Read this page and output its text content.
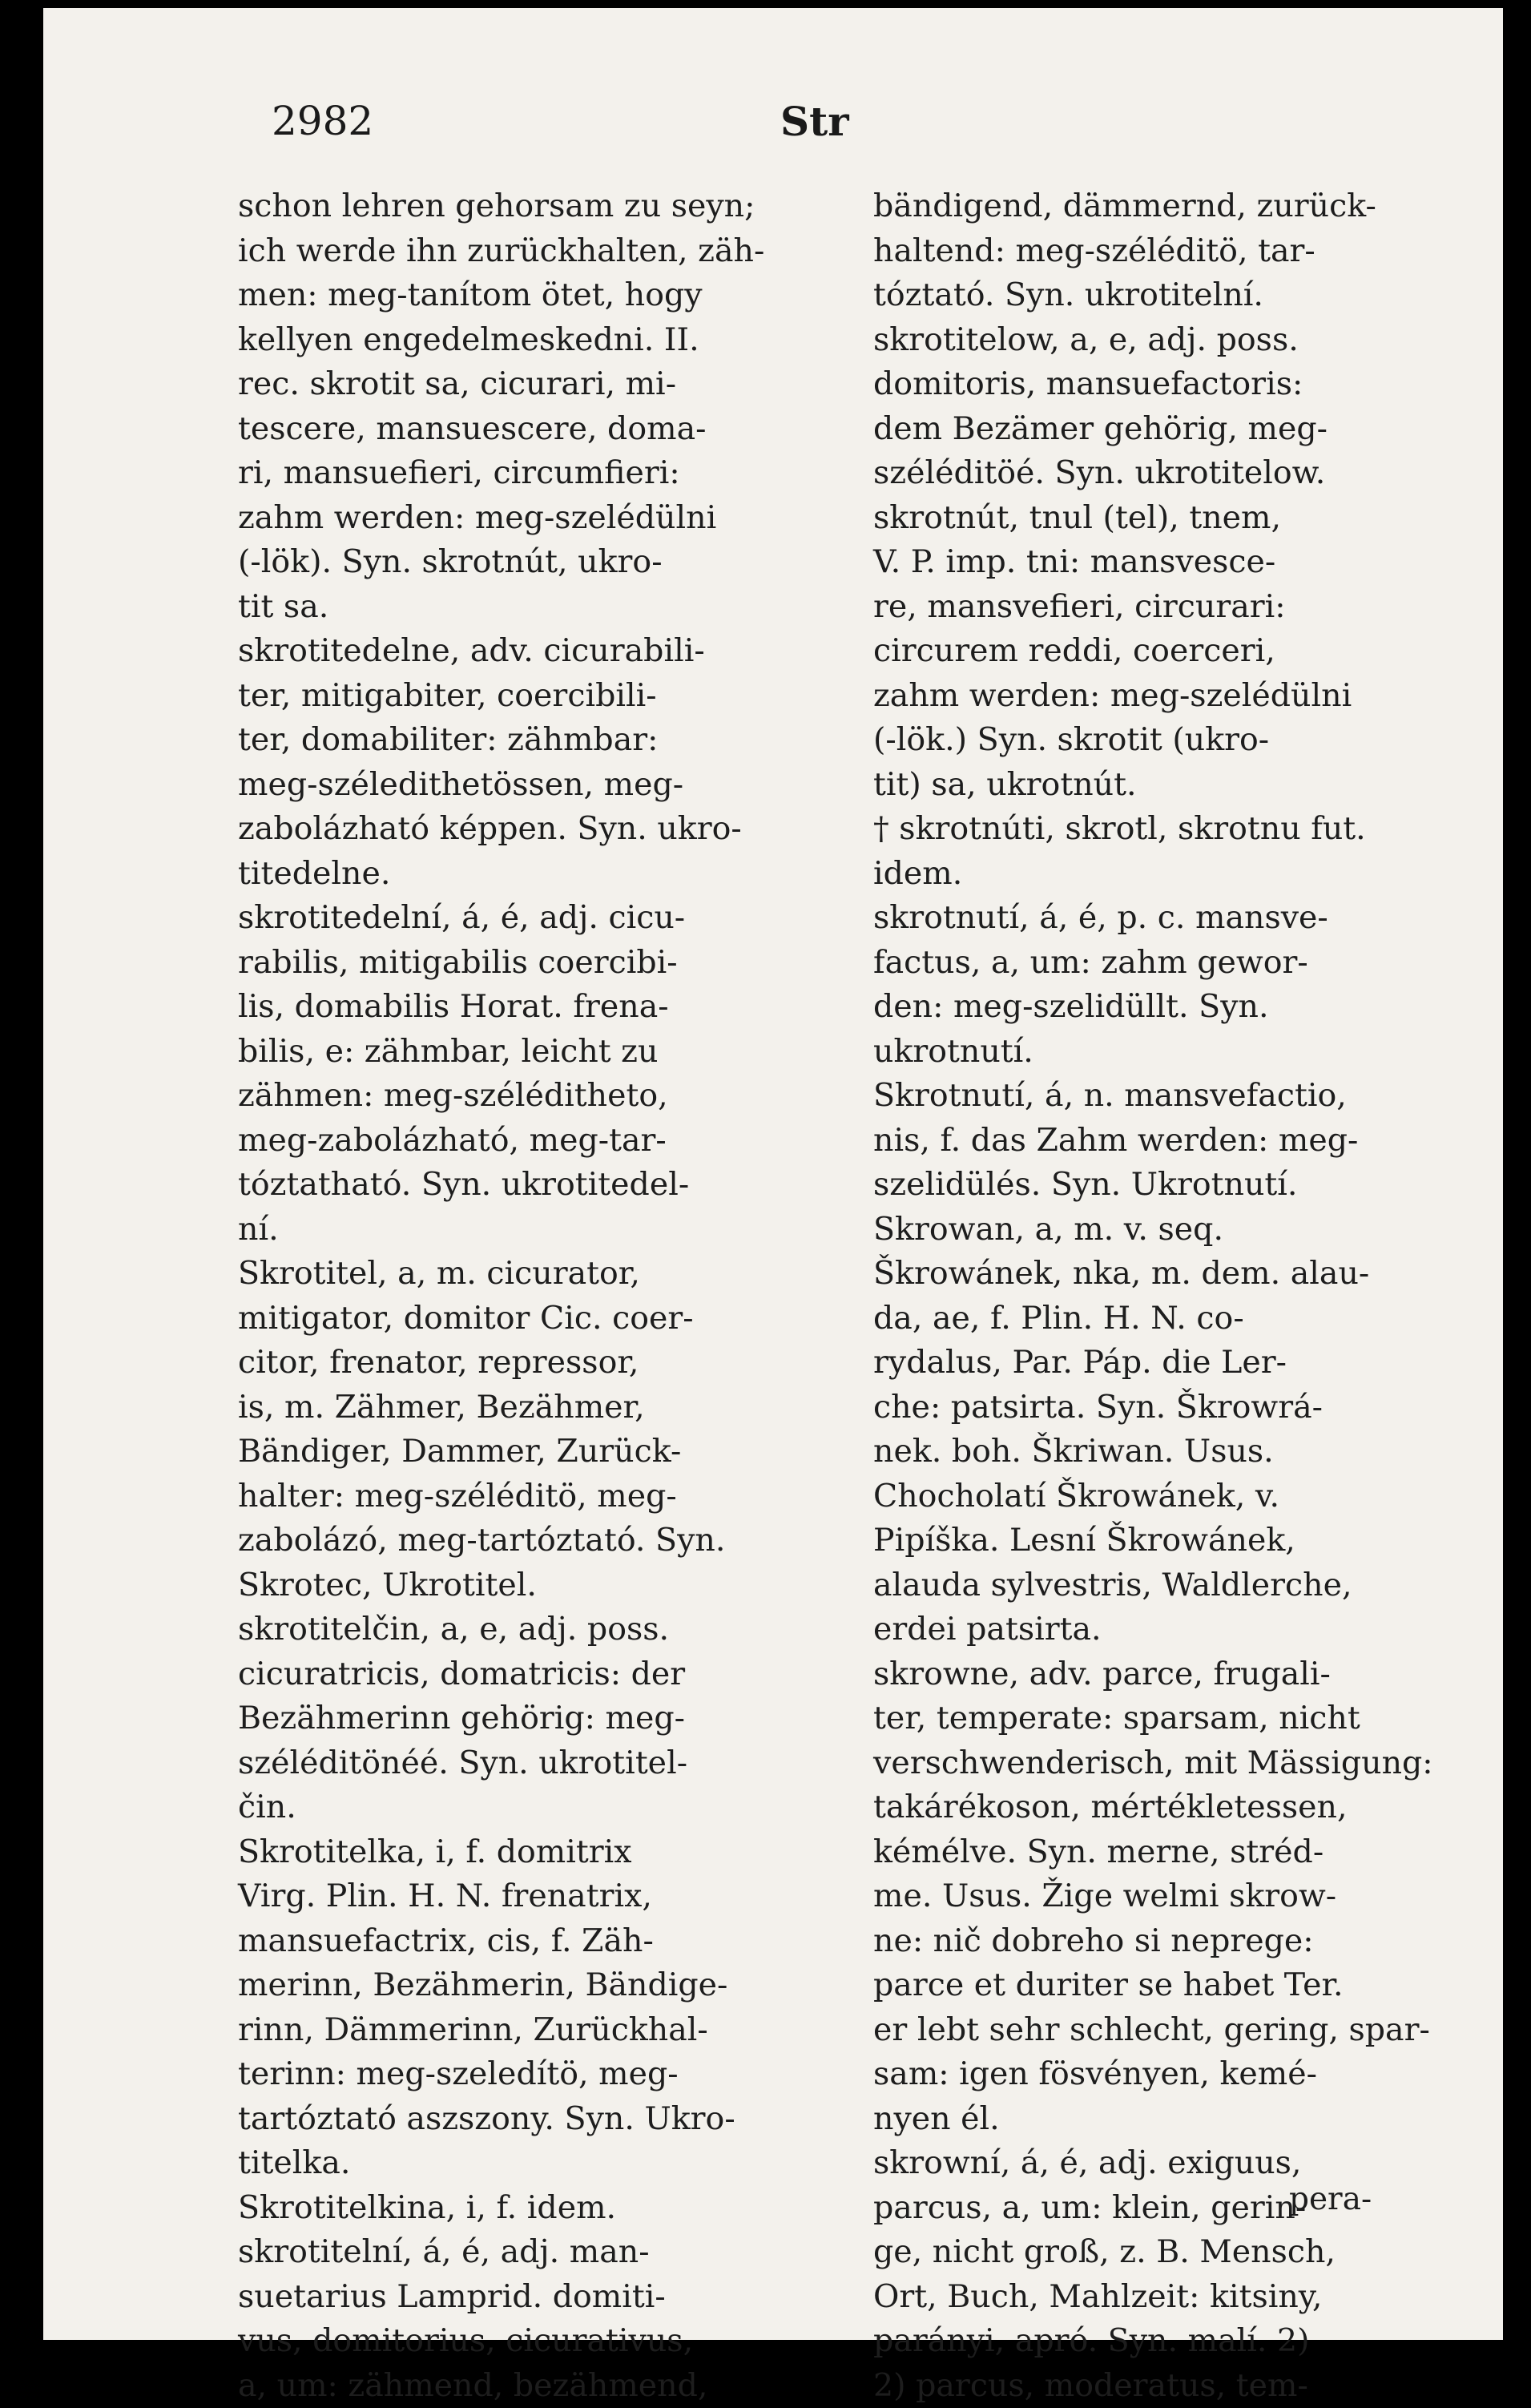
2982	Str
schon lehren gehorsam zu seyn;
ich werde ihn zurückhalten, zäh-
men: meg-tanítom ötet, hogy
kellyen engedelmeskedni. II.
rec. skrotit sa, cicurari, mi-
tescere, mansuescere, doma-
ri, mansuefieri, circumfieri:
zahm werden: meg-szelédülni
(-lök). Syn. skrotnút, ukro-
tit sa.
skrotitedelne, adv. cicurabili-
ter, mitigabiter, coercibili-
ter, domabiliter: zähmbar:
meg-széledithetössen, meg-
zabolázható képpen. Syn. ukro-
titedelne.
skrotitedelní, á, é, adj. cicu-
rabilis, mitigabilis coercibi-
lis, domabilis Horat. frena-
bilis, e: zähmbar, leicht zu
zähmen: meg-széléditheto,
meg-zabolázható, meg-tar-
tóztatható. Syn. ukrotitedel-
ní.
Skrotitel, a, m. cicurator,
mitigator, domitor Cic. coer-
citor, frenator, repressor,
is, m. Zähmer, Bezähmer,
Bändiger, Dammer, Zurück-
halter: meg-széléditö, meg-
zabolázó, meg-tartóztató. Syn.
Skrotec, Ukrotitel.
skrotitelčin, a, e, adj. poss.
cicuratricis, domatricis: der
Bezähmerinn gehörig: meg-
széléditönéé. Syn. ukrotitel-
čin.
Skrotitelka, i, f. domitrix
Virg. Plin. H. N. frenatrix,
mansuefactrix, cis, f. Zäh-
merinn, Bezähmerin, Bändige-
rinn, Dämmerinn, Zurückhal-
terinn: meg-szeledítö, meg-
tartóztató aszszony. Syn. Ukro-
titelka.
Skrotitelkina, i, f. idem.
skrotitelní, á, é, adj. man-
suetarius Lamprid. domiti-
vus, domitorius, cicurativus,
a, um: zähmend, bezähmend,
bändigend, dämmernd, zurück-
haltend: meg-széléditö, tar-
tóztató. Syn. ukrotitelní.
skrotitelow, a, e, adj. poss.
domitoris, mansuefactoris:
dem Bezämer gehörig, meg-
széléditöé. Syn. ukrotitelow.
skrotnút, tnul (tel), tnem,
V. P. imp. tni: mansvesce-
re, mansvefieri, circurari:
circurem reddi, coerceri,
zahm werden: meg-szelédülni
(-lök.) Syn. skrotit (ukro-
tit) sa, ukrotnút.
† skrotnúti, skrotl, skrotnu fut.
idem.
skrotnutí, á, é, p. c. mansve-
factus, a, um: zahm gewor-
den: meg-szelidüllt. Syn.
ukrotnutí.
Skrotnutí, á, n. mansvefactio,
nis, f. das Zahm werden: meg-
szelidülés. Syn. Ukrotnutí.
Skrowan, a, m. v. seq.
Škrowánek, nka, m. dem. alau-
da, ae, f. Plin. H. N. co-
rydalus, Par. Páp. die Ler-
che: patsirta. Syn. Škrowrá-
nek. boh. Škriwan. Usus.
Chocholatí Škrowánek, v.
Pipíška. Lesní Škrowánek,
alauda sylvestris, Waldlerche,
erdei patsirta.
skrowne, adv. parce, frugali-
ter, temperate: sparsam, nicht
verschwenderisch, mit Mässigung:
takárékoson, mértékletessen,
kémélve. Syn. merne, stréd-
me. Usus. Žige welmi skrow-
ne: nič dobreho si neprege:
parce et duriter se habet Ter.
er lebt sehr schlecht, gering, spar-
sam: igen fösvényen, kemé-
nyen él.
skrowní, á, é, adj. exiguus,
parcus, a, um: klein, gerin-
ge, nicht groß, z. B. Mensch,
Ort, Buch, Mahlzeit: kitsiny,
parányi, apró. Syn. malí. 2)
2) parcus, moderatus, tem-
pera-
